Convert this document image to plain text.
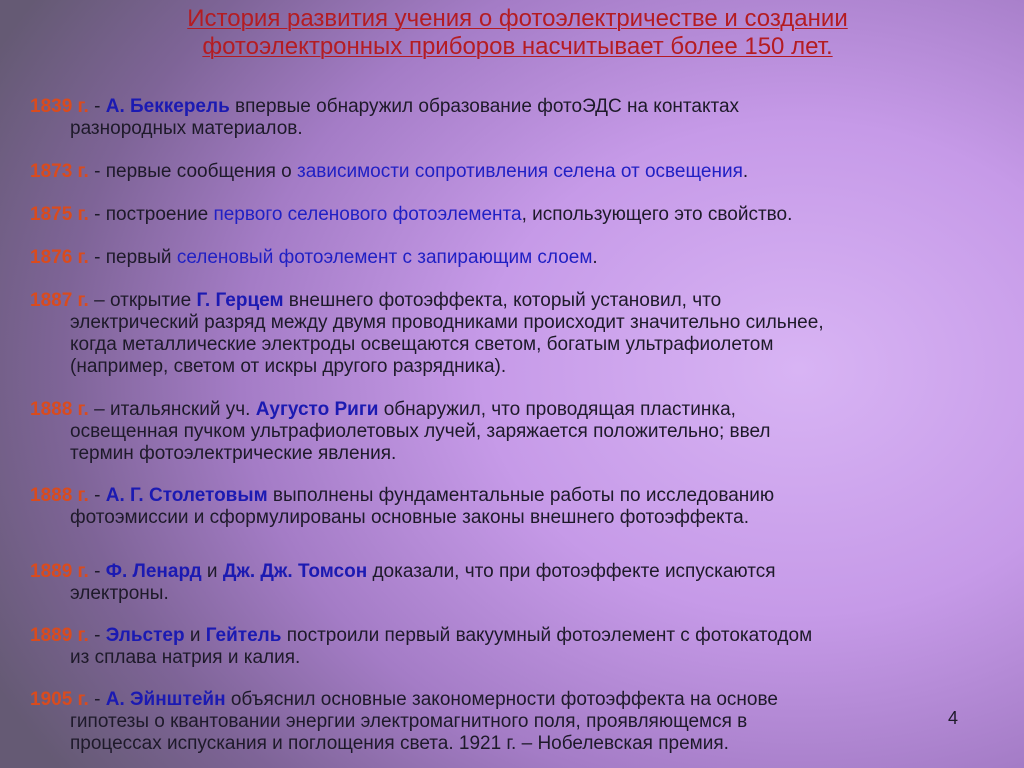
История развития учения о фотоэлектричестве и создании
фотоэлектронных приборов насчитывает более 150 лет.
1839 г. - А. Беккерель впервые обнаружил образование фотоЭДС на контактах
разнородных материалов.
1873 г. - первые сообщения о зависимости сопротивления селена от освещения.
1875 г. - построение первого селенового фотоэлемента, использующего это свойство.
1876 г. - первый селеновый фотоэлемент с запирающим слоем.
1887 г. – открытие Г. Герцем внешнего фотоэффекта, который установил, что
электрический разряд между двумя проводниками происходит значительно сильнее,
когда металлические электроды освещаются светом, богатым ультрафиолетом
(например, светом от искры другого разрядника).
1888 г. – итальянский уч. Аугусто Риги обнаружил, что проводящая пластинка,
освещенная пучком ультрафиолетовых лучей, заряжается положительно; ввел
термин фотоэлектрические явления.
1888 г. - А. Г. Столетовым выполнены фундаментальные работы по исследованию
фотоэмиссии и сформулированы основные законы внешнего фотоэффекта.
1889 г. - Ф. Ленард и Дж. Дж. Томсон доказали, что при фотоэффекте испускаются
электроны.
1889 г. - Эльстер и Гейтель построили первый вакуумный фотоэлемент с фотокатодом
из сплава натрия и калия.
1905 г. - А. Эйнштейн объяснил основные закономерности фотоэффекта на основе
гипотезы о квантовании энергии электромагнитного поля, проявляющемся в
процессах испускания и поглощения света. 1921 г. – Нобелевская премия.
4
